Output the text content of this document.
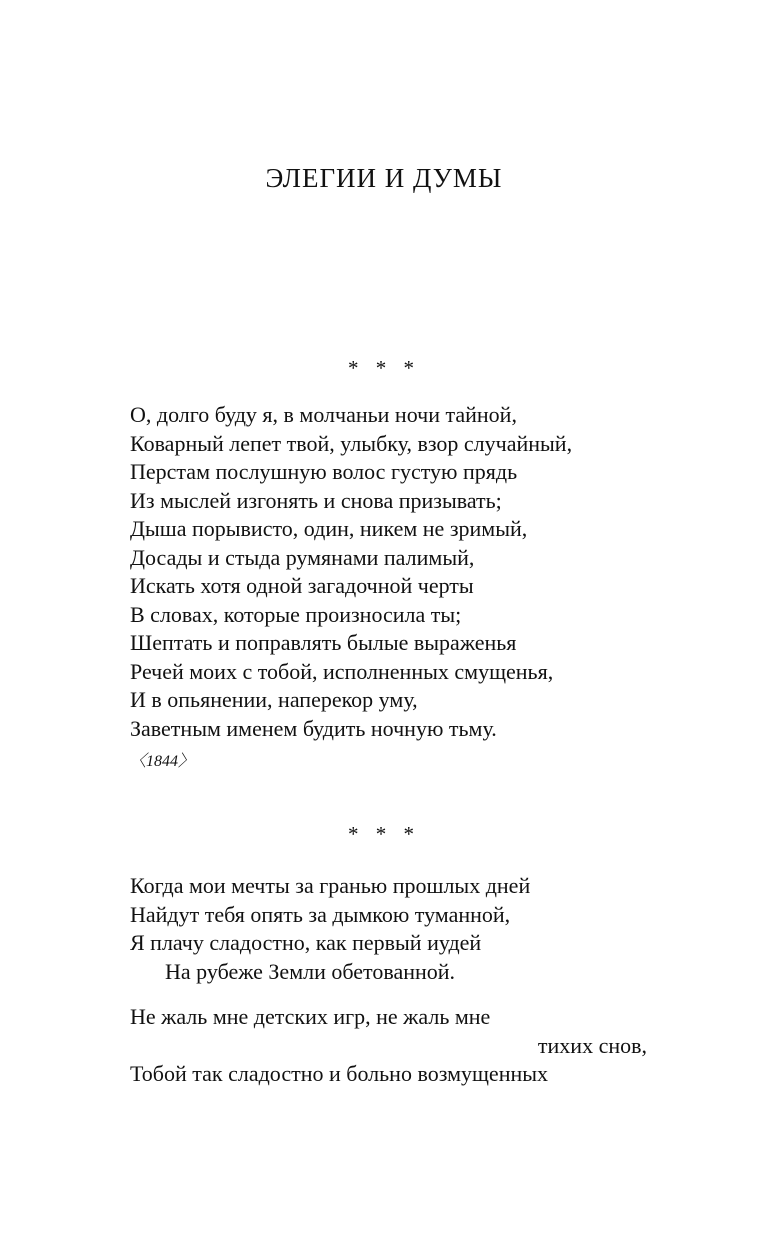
ЭЛЕГИИ И ДУМЫ
* * *
О, долго буду я, в молчаньи ночи тайной,
Коварный лепет твой, улыбку, взор случайный,
Перстам послушную волос густую прядь
Из мыслей изгонять и снова призывать;
Дыша порывисто, один, никем не зримый,
Досады и стыда румянами палимый,
Искать хотя одной загадочной черты
В словах, которые произносила ты;
Шептать и поправлять былые выраженья
Речей моих с тобой, исполненных смущенья,
И в опьянении, наперекор уму,
Заветным именем будить ночную тьму.
〈1844〉
* * *
Когда мои мечты за гранью прошлых дней
Найдут тебя опять за дымкою туманной,
Я плачу сладостно, как первый иудей
На рубеже Земли обетованной.
Не жаль мне детских игр, не жаль мне
тихих снов,
Тобой так сладостно и больно возмущенных
